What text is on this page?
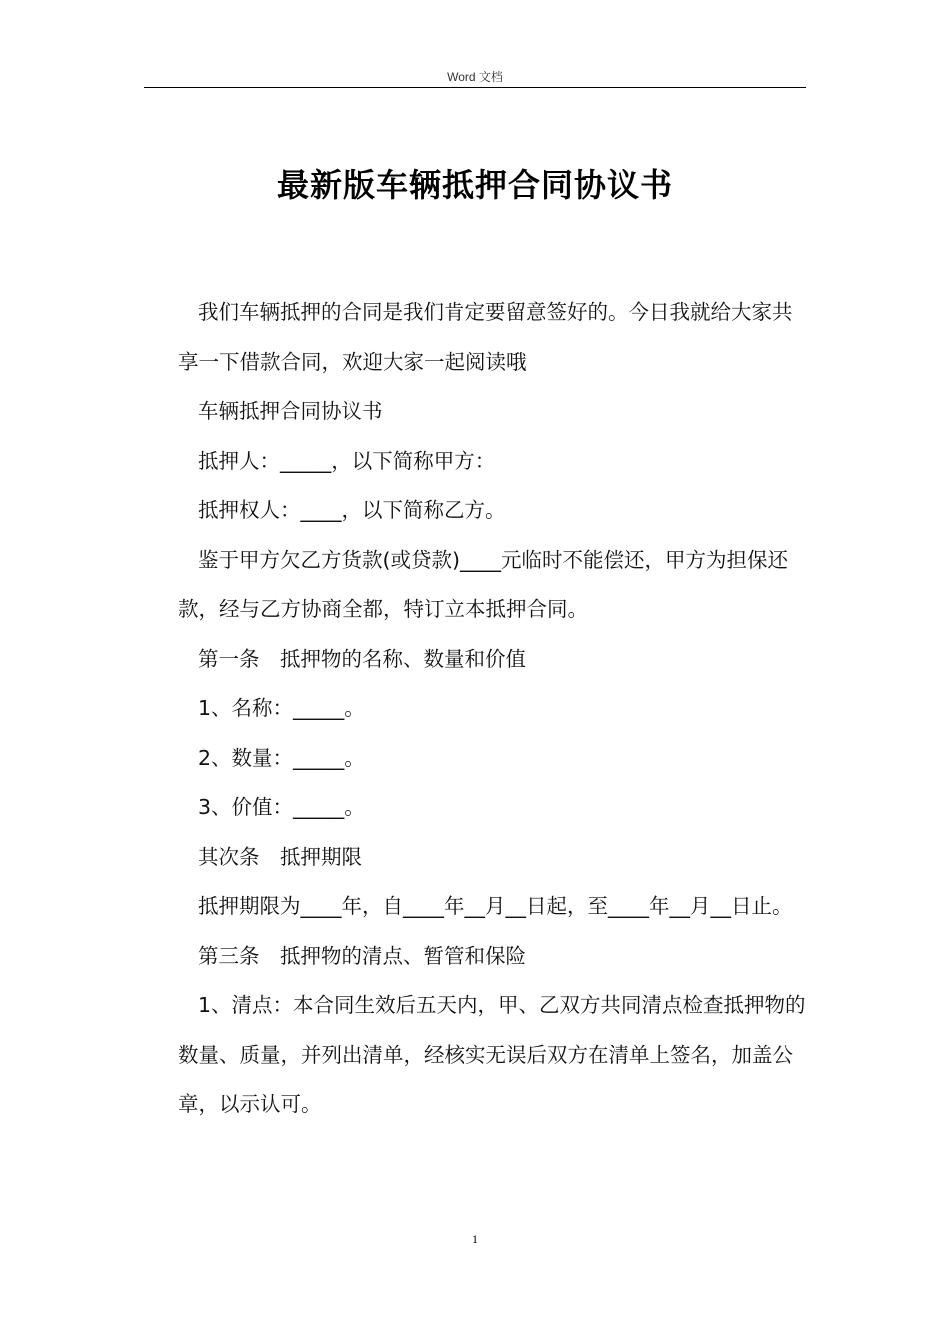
Word 文档
最新版车辆抵押合同协议书

我们车辆抵押的合同是我们肯定要留意签好的。今日我就给大家共享一下借款合同，欢迎大家一起阅读哦

车辆抵押合同协议书

抵押人：_____，以下简称甲方：

抵押权人：____，以下简称乙方。

鉴于甲方欠乙方货款(或贷款)____元临时不能偿还，甲方为担保还款，经与乙方协商全都，特订立本抵押合同。

第一条　抵押物的名称、数量和价值

1、名称：_____。

2、数量：_____。

3、价值：_____。

其次条　抵押期限

抵押期限为____年，自____年__月__日起，至____年__月__日止。

第三条　抵押物的清点、暂管和保险

1、清点：本合同生效后五天内，甲、乙双方共同清点检查抵押物的数量、质量，并列出清单，经核实无误后双方在清单上签名，加盖公章，以示认可。

1
